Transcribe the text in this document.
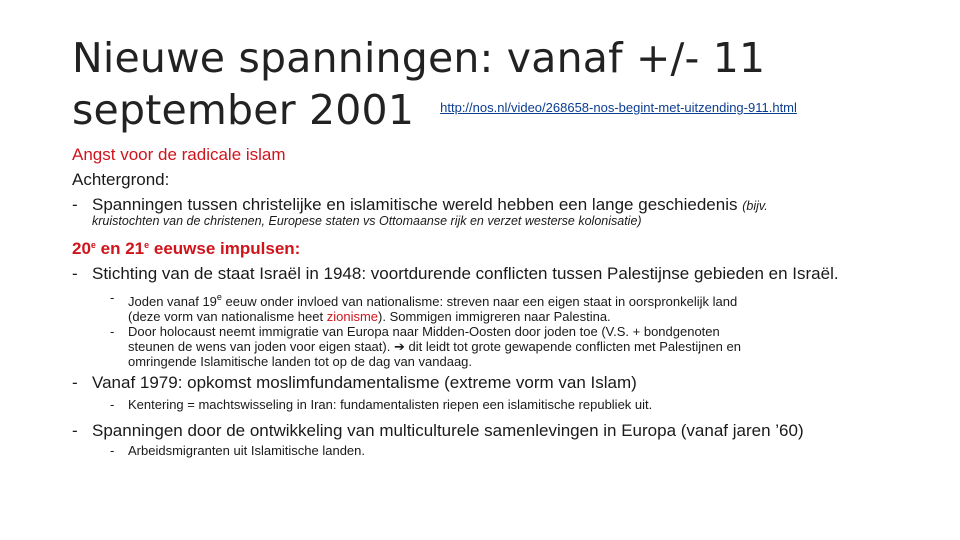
Nieuwe spanningen: vanaf +/- 11 september 2001 $^{http://nos.nl/video/268658-nos-begint-met-uitzending-911.html}$
Angst voor de radicale islam
Achtergrond:
- Spanningen tussen christelijke en islamitische wereld hebben een lange geschiedenis (bijv.
kruistochten van de christenen, Europese staten vs Ottomaanse rijk en verzet westerse kolonisatie)
20e en 21e eeuwse impulsen:
- Stichting van de staat Israël in 1948: voortdurende conflicten tussen Palestijnse gebieden en Israël.
- Joden vanaf 19e eeuw onder invloed van nationalisme: streven naar een eigen staat in oorspronkelijk land
(deze vorm van nationalisme heet zionisme). Sommigen immigreren naar Palestina.
- Door holocaust neemt immigratie van Europa naar Midden-Oosten door joden toe (V.S. + bondgenoten
steunen de wens van joden voor eigen staat). ➔ dit leidt tot grote gewapende conflicten met Palestijnen en
omringende Islamitische landen tot op de dag van vandaag.
- Vanaf 1979: opkomst moslimfundamentalisme (extreme vorm van Islam)
- Kentering = machtswisseling in Iran: fundamentalisten riepen een islamitische republiek uit.
- Spanningen door de ontwikkeling van multiculturele samenlevingen in Europa (vanaf jaren ’60)
- Arbeidsmigranten uit Islamitische landen.
